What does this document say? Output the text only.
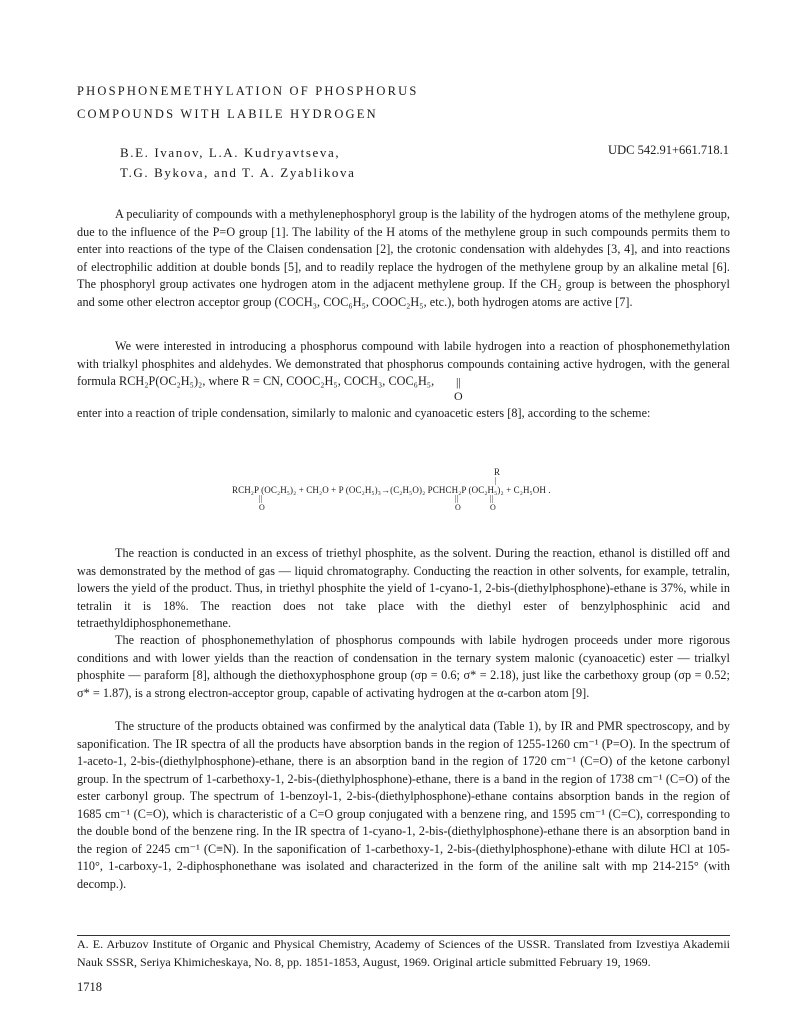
PHOSPHONEMETHYLATION OF PHOSPHORUS
COMPOUNDS WITH LABILE HYDROGEN
B.E. Ivanov, L.A. Kudryavtseva,
T.G. Bykova, and T. A. Zyablikova
UDC 542.91+661.718.1
A peculiarity of compounds with a methylenephosphoryl group is the lability of the hydrogen atoms of the methylene group, due to the influence of the P=O group [1]. The lability of the H atoms of the methylene group in such compounds permits them to enter into reactions of the type of the Claisen condensation [2], the crotonic condensation with aldehydes [3, 4], and into reactions of electrophilic addition at double bonds [5], and to readily replace the hydrogen of the methylene group by an alkaline metal [6]. The phosphoryl group activates one hydrogen atom in the adjacent methylene group. If the CH₂ group is between the phosphoryl and some other electron acceptor group (COCH₃, COC₆H₅, COOC₂H₅, etc.), both hydrogen atoms are active [7].
We were interested in introducing a phosphorus compound with labile hydrogen into a reaction of phosphonemethylation with trialkyl phosphites and aldehydes. We demonstrated that phosphorus compounds containing active hydrogen, with the general formula RCH₂P(OC₂H₅)₂, where R = CN, COOC₂H₅, COCH₃, COC₆H₅,	||
O
enter into a reaction of triple condensation, similarly to malonic and cyanoacetic esters [8], according to the scheme:
R
|
RCH₂P (OC₂H₅)₂ + CH₂O + P (OC₂H₅)₃→(C₂H₅O)₂ PCHCH₂P (OC₂H₅)₂ + C₂H₅OH .
||
O
||
O
||
O
The reaction is conducted in an excess of triethyl phosphite, as the solvent. During the reaction, ethanol is distilled off and was demonstrated by the method of gas — liquid chromatography. Conducting the reaction in other solvents, for example, tetralin, lowers the yield of the product. Thus, in triethyl phosphite the yield of 1-cyano-1, 2-bis-(diethylphosphone)-ethane is 37%, while in tetralin it is 18%. The reaction does not take place with the diethyl ester of benzylphosphinic acid and tetraethyldiphosphonemethane.
The reaction of phosphonemethylation of phosphorus compounds with labile hydrogen proceeds under more rigorous conditions and with lower yields than the reaction of condensation in the ternary system malonic (cyanoacetic) ester — trialkyl phosphite — paraform [8], although the diethoxyphosphone group (σp = 0.6; σ* = 2.18), just like the carbethoxy group (σp = 0.52; σ* = 1.87), is a strong electron-acceptor group, capable of activating hydrogen at the α-carbon atom [9].
The structure of the products obtained was confirmed by the analytical data (Table 1), by IR and PMR spectroscopy, and by saponification. The IR spectra of all the products have absorption bands in the region of 1255-1260 cm⁻¹ (P=O). In the spectrum of 1-aceto-1, 2-bis-(diethylphosphone)-ethane, there is an absorption band in the region of 1720 cm⁻¹ (C=O) of the ketone carbonyl group. In the spectrum of 1-carbethoxy-1, 2-bis-(diethylphosphone)-ethane, there is a band in the region of 1738 cm⁻¹ (C=O) of the ester carbonyl group. The spectrum of 1-benzoyl-1, 2-bis-(diethylphosphone)-ethane contains absorption bands in the region of 1685 cm⁻¹ (C=O), which is characteristic of a C=O group conjugated with a benzene ring, and 1595 cm⁻¹ (C=C), corresponding to the double bond of the benzene ring. In the IR spectra of 1-cyano-1, 2-bis-(diethylphosphone)-ethane there is an absorption band in the region of 2245 cm⁻¹ (C≡N). In the saponification of 1-carbethoxy-1, 2-bis-(diethylphosphone)-ethane with dilute HCl at 105-110°, 1-carboxy-1, 2-diphosphonethane was isolated and characterized in the form of the aniline salt with mp 214-215° (with decomp.).
A. E. Arbuzov Institute of Organic and Physical Chemistry, Academy of Sciences of the USSR. Translated from Izvestiya Akademii Nauk SSSR, Seriya Khimicheskaya, No. 8, pp. 1851-1853, August, 1969. Original article submitted February 19, 1969.
1718
